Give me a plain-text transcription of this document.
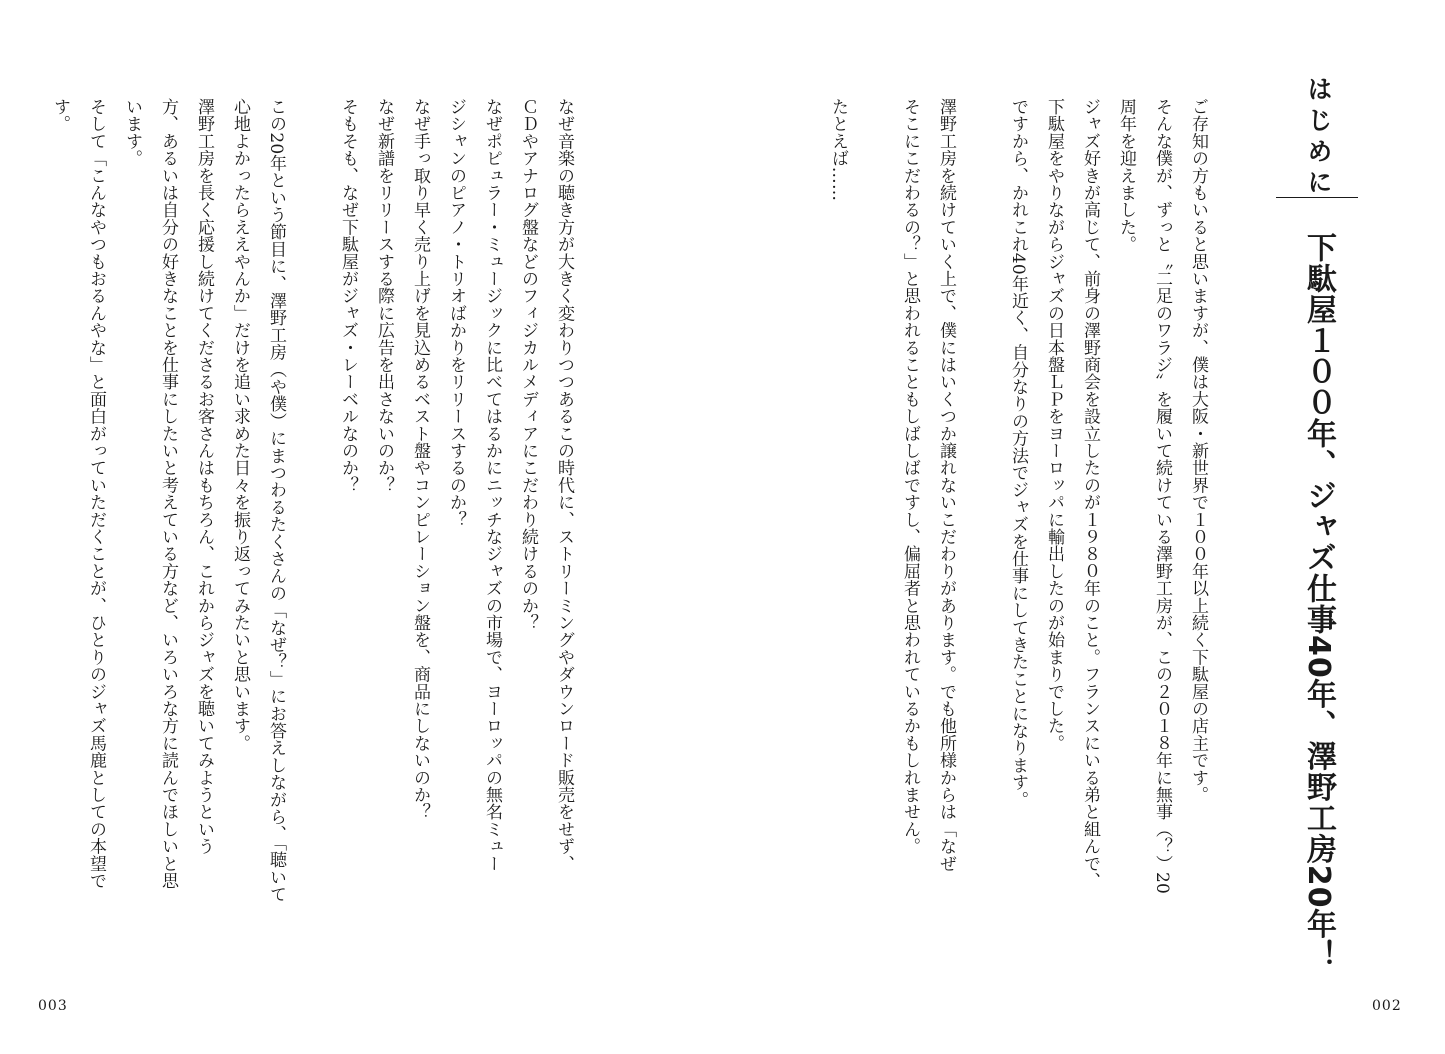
はじめに
下駄屋１００年、ジャズ仕事40年、澤野工房20年！
ご存知の方もいると思いますが、僕は大阪・新世界で１００年以上続く下駄屋の店主です。
そんな僕が、ずっと〝二足のワラジ〟を履いて続けている澤野工房が、この２０１８年に無事（？）20
周年を迎えました。
ジャズ好きが高じて、前身の澤野商会を設立したのが１９８０年のこと。フランスにいる弟と組んで、
下駄屋をやりながらジャズの日本盤ＬＰをヨーロッパに輸出したのが始まりでした。
ですから、かれこれ40年近く、自分なりの方法でジャズを仕事にしてきたことになります。

澤野工房を続けていく上で、僕にはいくつか譲れないこだわりがあります。でも他所様からは「なぜ
そこにこだわるの？」と思われることもしばしばですし、偏屈者と思われているかもしれません。

たとえば……
002
なぜ音楽の聴き方が大きく変わりつつあるこの時代に、ストリーミングやダウンロード販売をせず、
ＣＤやアナログ盤などのフィジカルメディアにこだわり続けるのか？
なぜポピュラー・ミュージックに比べてはるかにニッチなジャズの市場で、ヨーロッパの無名ミュー
ジシャンのピアノ・トリオばかりをリリースするのか？
なぜ手っ取り早く売り上げを見込めるベスト盤やコンピレーション盤を、商品にしないのか？
なぜ新譜をリリースする際に広告を出さないのか？
そもそも、なぜ下駄屋がジャズ・レーベルなのか？

この20年という節目に、澤野工房（や僕）にまつわるたくさんの「なぜ？」にお答えしながら、「聴いて
心地よかったらええやんか」だけを追い求めた日々を振り返ってみたいと思います。
澤野工房を長く応援し続けてくださるお客さんはもちろん、これからジャズを聴いてみようという
方、あるいは自分の好きなことを仕事にしたいと考えている方など、いろいろな方に読んでほしいと思
います。
そして「こんなやつもおるんやな」と面白がっていただくことが、ひとりのジャズ馬鹿としての本望で
す。
003
